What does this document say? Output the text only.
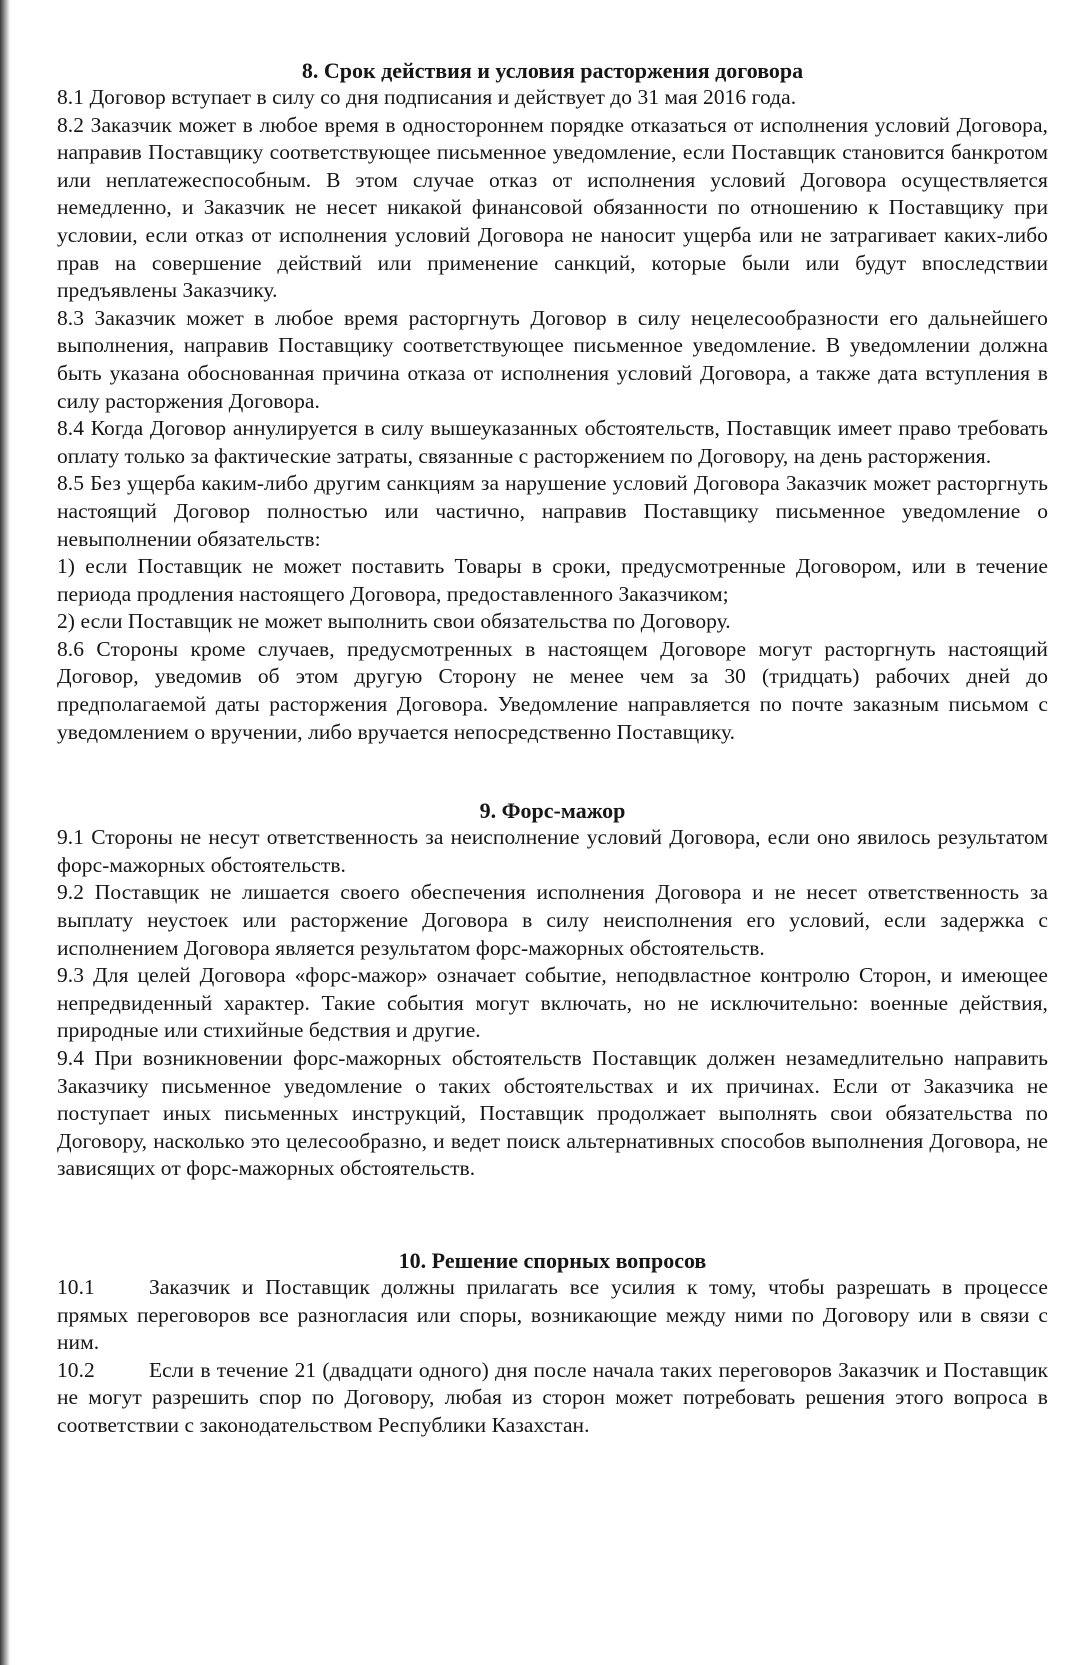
8. Срок действия и условия расторжения договора

8.1 Договор вступает в силу со дня подписания и действует до 31 мая 2016 года.

8.2 Заказчик может в любое время в одностороннем порядке отказаться от исполнения условий Договора, направив Поставщику соответствующее письменное уведомление, если Поставщик становится банкротом или неплатежеспособным. В этом случае отказ от исполнения условий Договора осуществляется немедленно, и Заказчик не несет никакой финансовой обязанности по отношению к Поставщику при условии, если отказ от исполнения условий Договора не наносит ущерба или не затрагивает каких-либо прав на совершение действий или применение санкций, которые были или будут впоследствии предъявлены Заказчику.

8.3 Заказчик может в любое время расторгнуть Договор в силу нецелесообразности его дальнейшего выполнения, направив Поставщику соответствующее письменное уведомление. В уведомлении должна быть указана обоснованная причина отказа от исполнения условий Договора, а также дата вступления в силу расторжения Договора.

8.4 Когда Договор аннулируется в силу вышеуказанных обстоятельств, Поставщик имеет право требовать оплату только за фактические затраты, связанные с расторжением по Договору, на день расторжения.

8.5 Без ущерба каким-либо другим санкциям за нарушение условий Договора Заказчик может расторгнуть настоящий Договор полностью или частично, направив Поставщику письменное уведомление о невыполнении обязательств:

1) если Поставщик не может поставить Товары в сроки, предусмотренные Договором, или в течение периода продления настоящего Договора, предоставленного Заказчиком;

2) если Поставщик не может выполнить свои обязательства по Договору.

8.6 Стороны кроме случаев, предусмотренных в настоящем Договоре могут расторгнуть настоящий Договор, уведомив об этом другую Сторону не менее чем за 30 (тридцать) рабочих дней до предполагаемой даты расторжения Договора. Уведомление направляется по почте заказным письмом с уведомлением о вручении, либо вручается непосредственно Поставщику.

9. Форс-мажор

9.1 Стороны не несут ответственность за неисполнение условий Договора, если оно явилось результатом форс-мажорных обстоятельств.

9.2 Поставщик не лишается своего обеспечения исполнения Договора и не несет ответственность за выплату неустоек или расторжение Договора в силу неисполнения его условий, если задержка с исполнением Договора является результатом форс-мажорных обстоятельств.

9.3 Для целей Договора «форс-мажор» означает событие, неподвластное контролю Сторон, и имеющее непредвиденный характер. Такие события могут включать, но не исключительно: военные действия, природные или стихийные бедствия и другие.

9.4 При возникновении форс-мажорных обстоятельств Поставщик должен незамедлительно направить Заказчику письменное уведомление о таких обстоятельствах и их причинах. Если от Заказчика не поступает иных письменных инструкций, Поставщик продолжает выполнять свои обязательства по Договору, насколько это целесообразно, и ведет поиск альтернативных способов выполнения Договора, не зависящих от форс-мажорных обстоятельств.

10. Решение спорных вопросов

10.1	Заказчик и Поставщик должны прилагать все усилия к тому, чтобы разрешать в процессе прямых переговоров все разногласия или споры, возникающие между ними по Договору или в связи с ним.

10.2	Если в течение 21 (двадцати одного) дня после начала таких переговоров Заказчик и Поставщик не могут разрешить спор по Договору, любая из сторон может потребовать решения этого вопроса в соответствии с законодательством Республики Казахстан.
